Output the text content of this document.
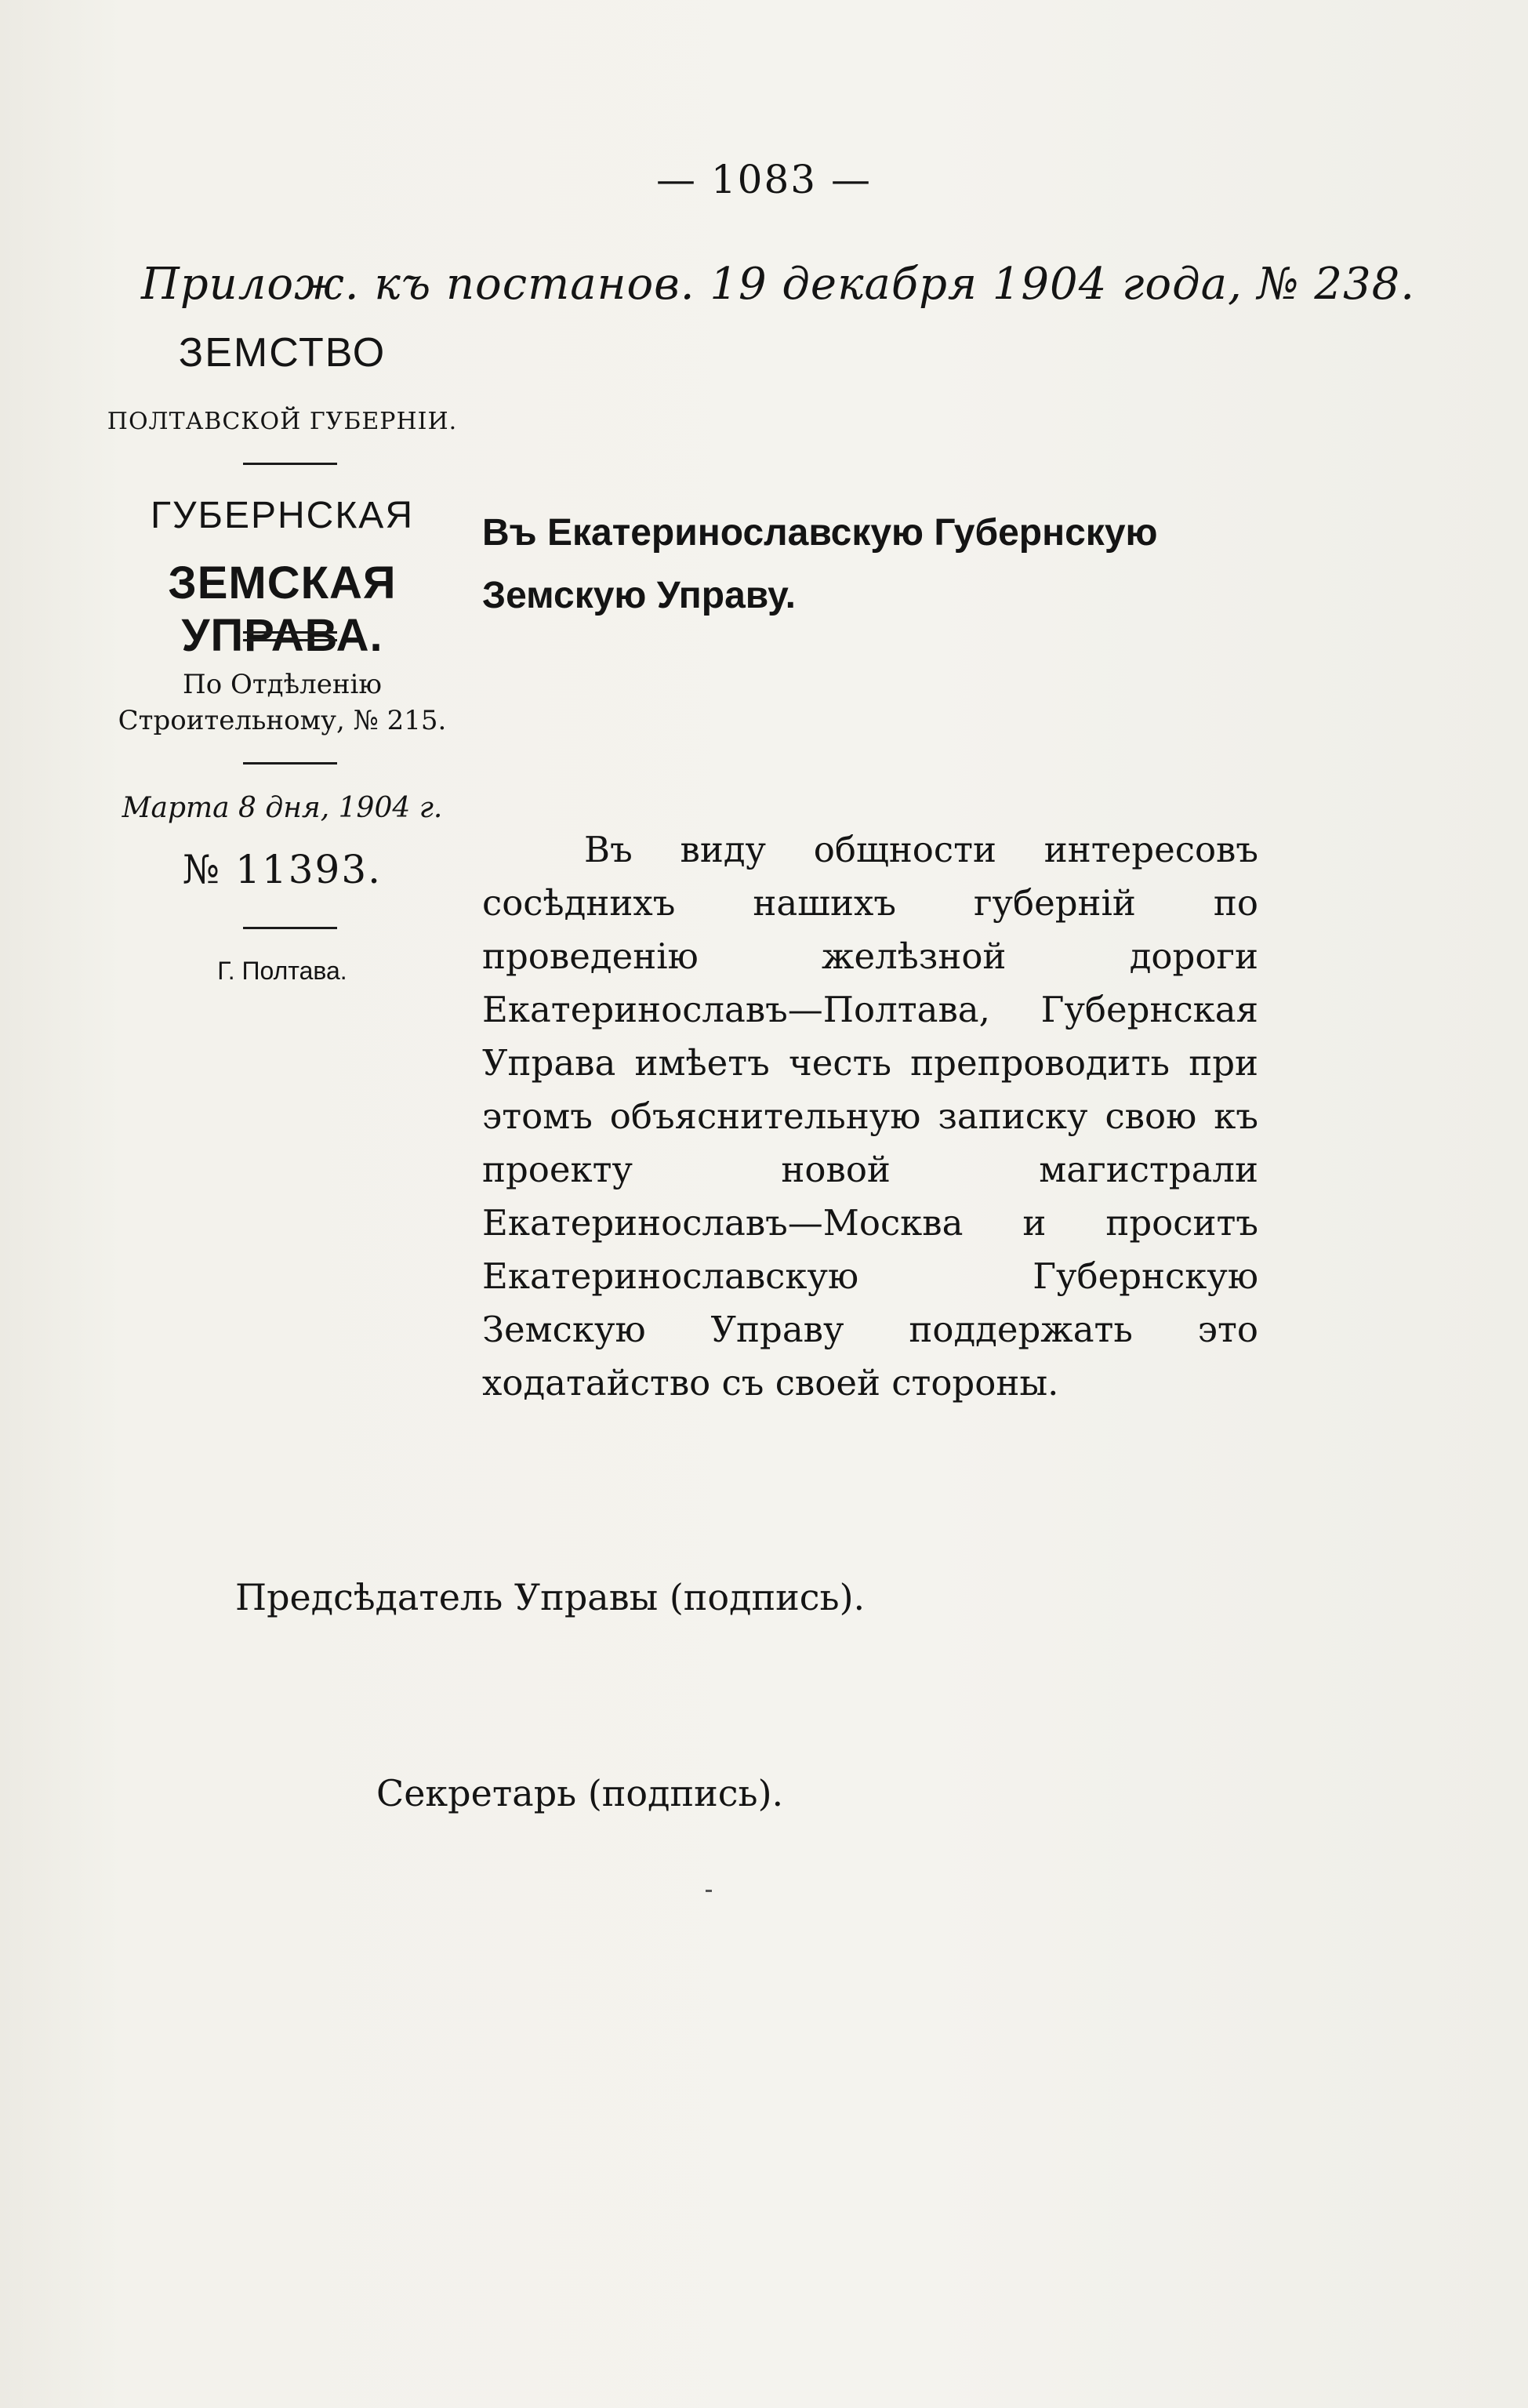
— 1083 —
Прилож. къ постанов. 19 декабря 1904 года, № 238.
ЗЕМСТВО
ПОЛТАВСКОЙ ГУБЕРНІИ.
ГУБЕРНСКАЯ
ЗЕМСКАЯ УПРАВА.
По Отдѣленію Строительному, № 215.
Марта 8 дня, 1904 г.
№ 11393.
Г. Полтава.

Въ Екатеринославскую Губернскую Земскую Управу.

Въ виду общности интересовъ сосѣднихъ нашихъ губерній по проведенію желѣзной дороги Екатеринославъ—Полтава, Губернская Управа имѣетъ честь препроводить при этомъ объяснительную записку свою къ проекту новой магистрали Екатеринославъ—Москва и проситъ Екатеринославскую Губернскую Земскую Управу поддержать это ходатайство съ своей стороны.

Предсѣдатель Управы (подпись).
Секретарь (подпись).
